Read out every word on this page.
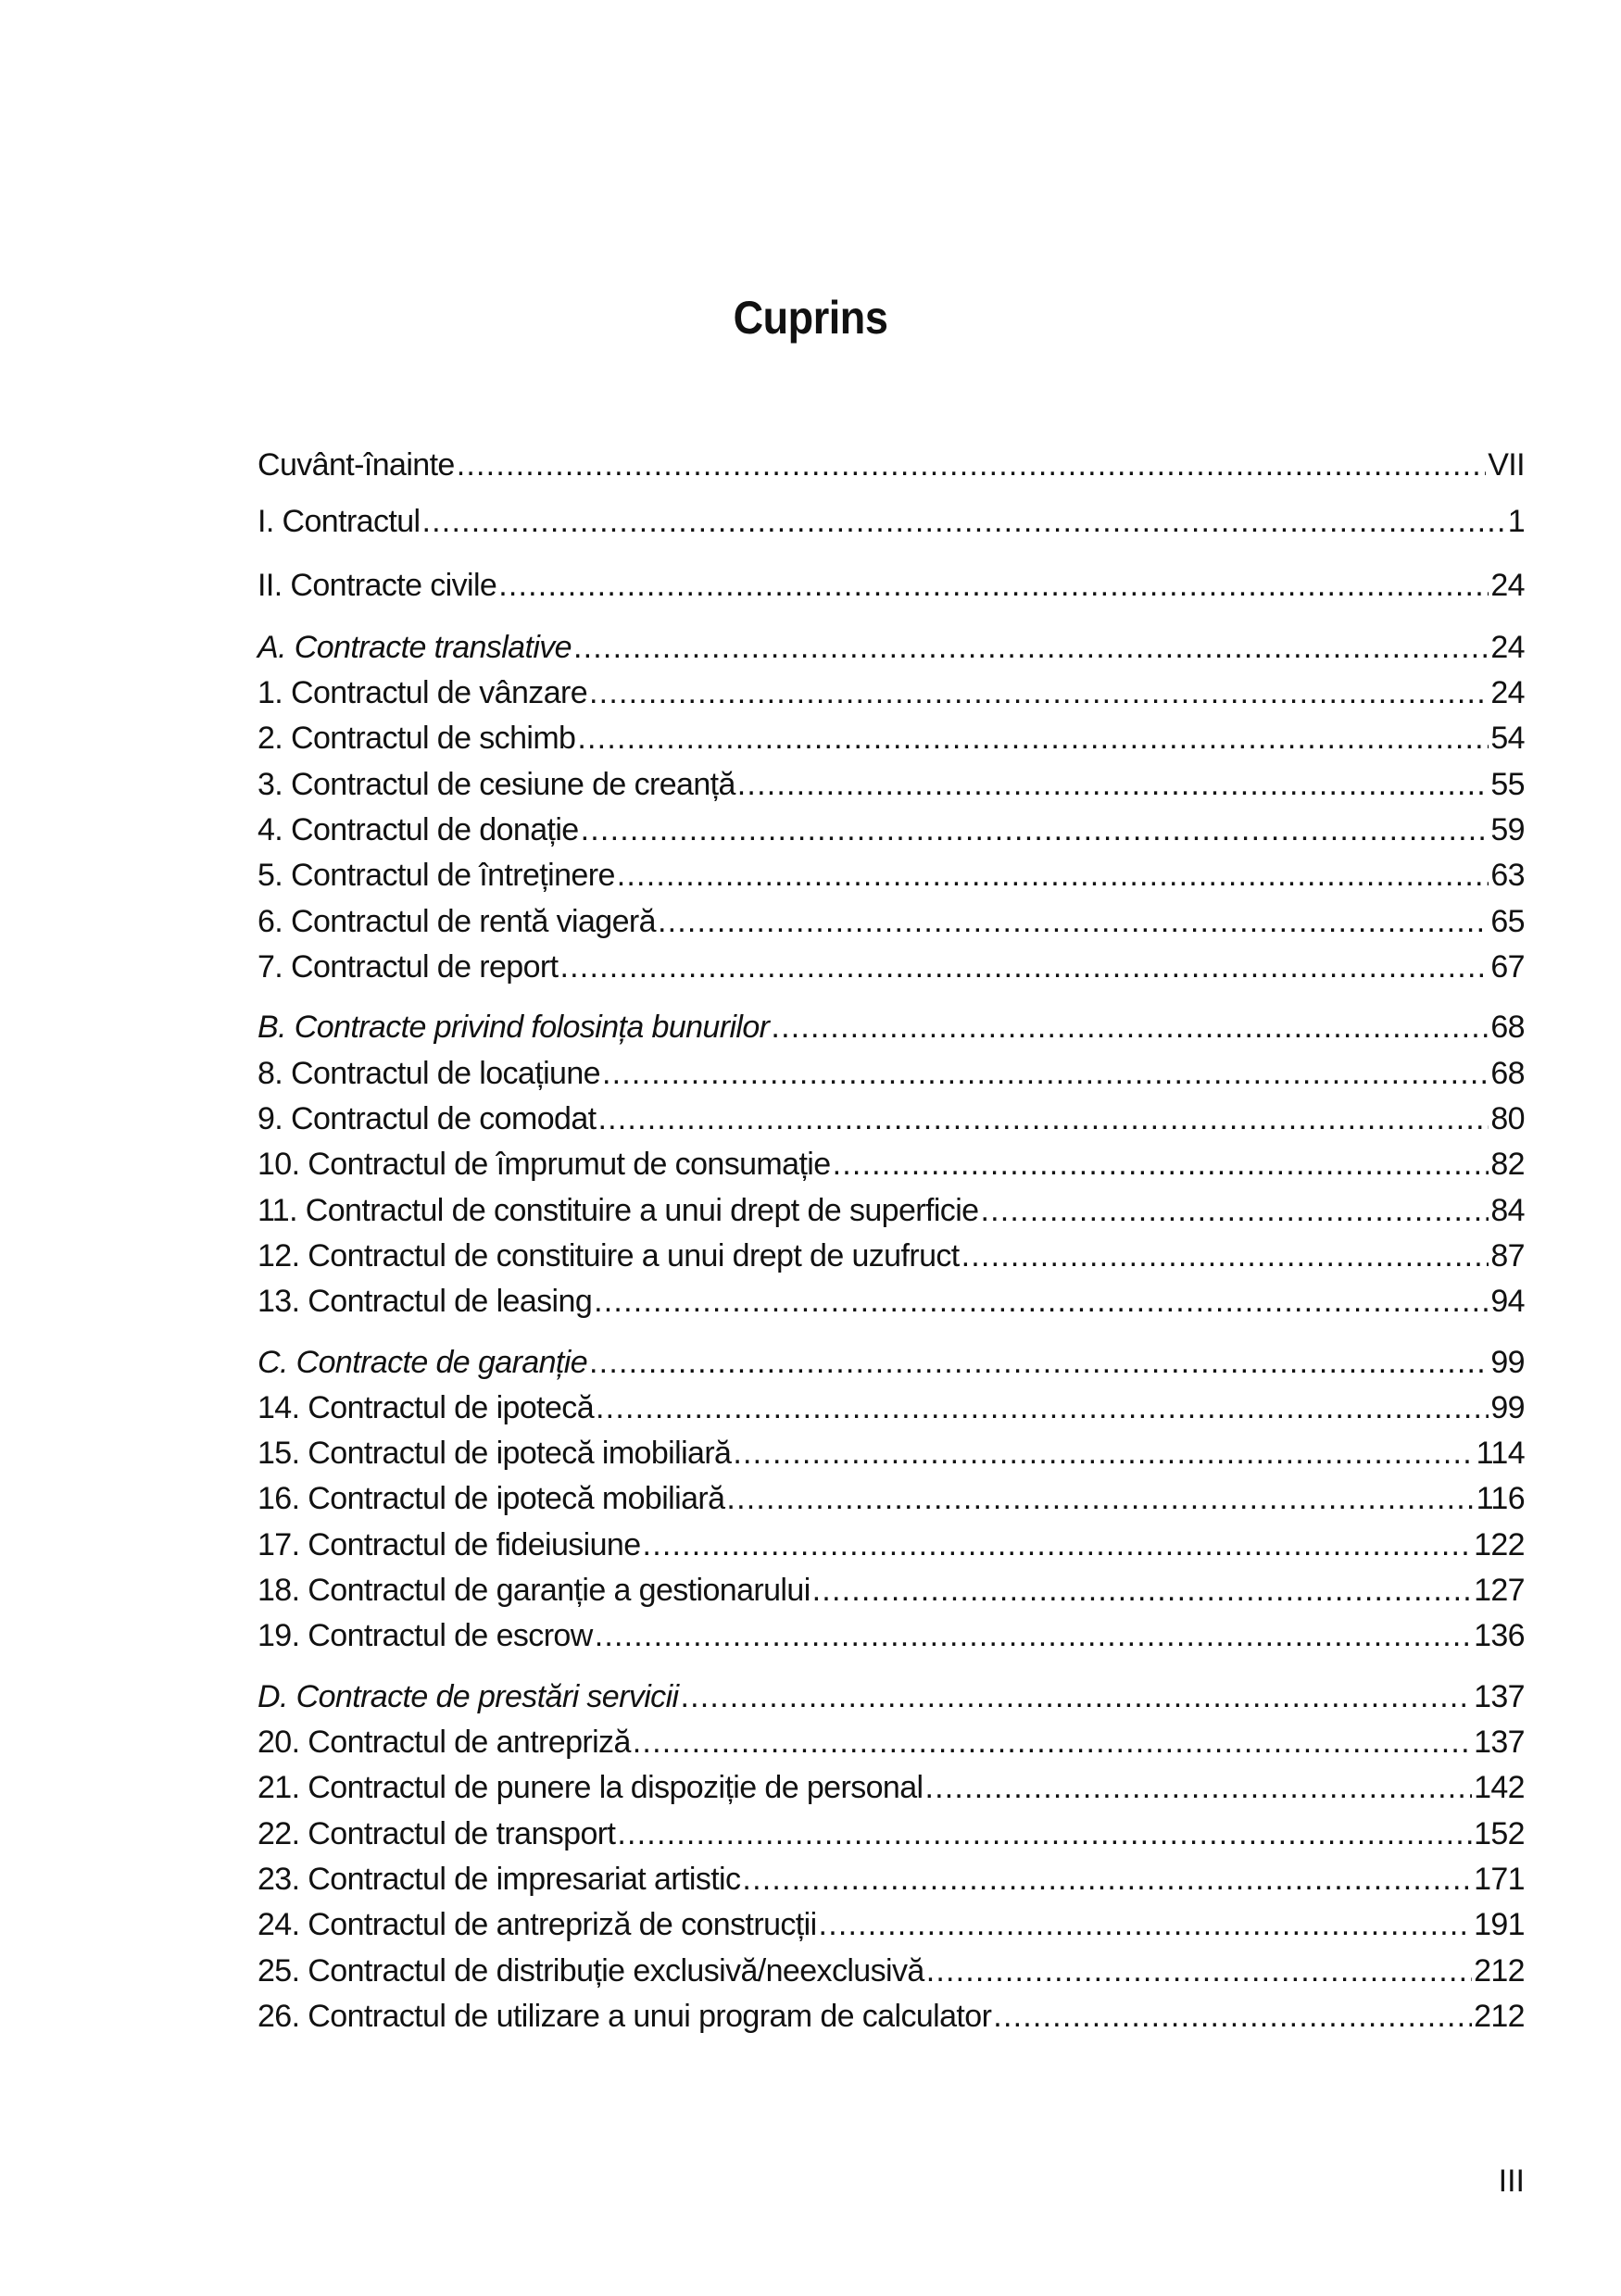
Cuprins
Cuvânt-înainte .....	VII
I. Contractul .....	1
II. Contracte civile .....	24
A. Contracte translative .....	24
1. Contractul de vânzare .....	24
2. Contractul de schimb .....	54
3. Contractul de cesiune de creanță .....	55
4. Contractul de donație .....	59
5. Contractul de întreținere .....	63
6. Contractul de rentă viageră .....	65
7. Contractul de report .....	67
B. Contracte privind folosința bunurilor .....	68
8. Contractul de locațiune .....	68
9. Contractul de comodat .....	80
10. Contractul de împrumut de consumație .....	82
11. Contractul de constituire a unui drept de superficie .....	84
12. Contractul de constituire a unui drept de uzufruct .....	87
13. Contractul de leasing .....	94
C. Contracte de garanție .....	99
14. Contractul de ipotecă .....	99
15. Contractul de ipotecă imobiliară .....	114
16. Contractul de ipotecă mobiliară .....	116
17. Contractul de fideiusiune .....	122
18. Contractul de garanție a gestionarului .....	127
19. Contractul de escrow .....	136
D. Contracte de prestări servicii .....	137
20. Contractul de antrepriză .....	137
21. Contractul de punere la dispoziție de personal .....	142
22. Contractul de transport .....	152
23. Contractul de impresariat artistic .....	171
24. Contractul de antrepriză de construcții .....	191
25. Contractul de distribuție exclusivă/neexclusivă .....	212
26. Contractul de utilizare a unui program de calculator .....	212
III
